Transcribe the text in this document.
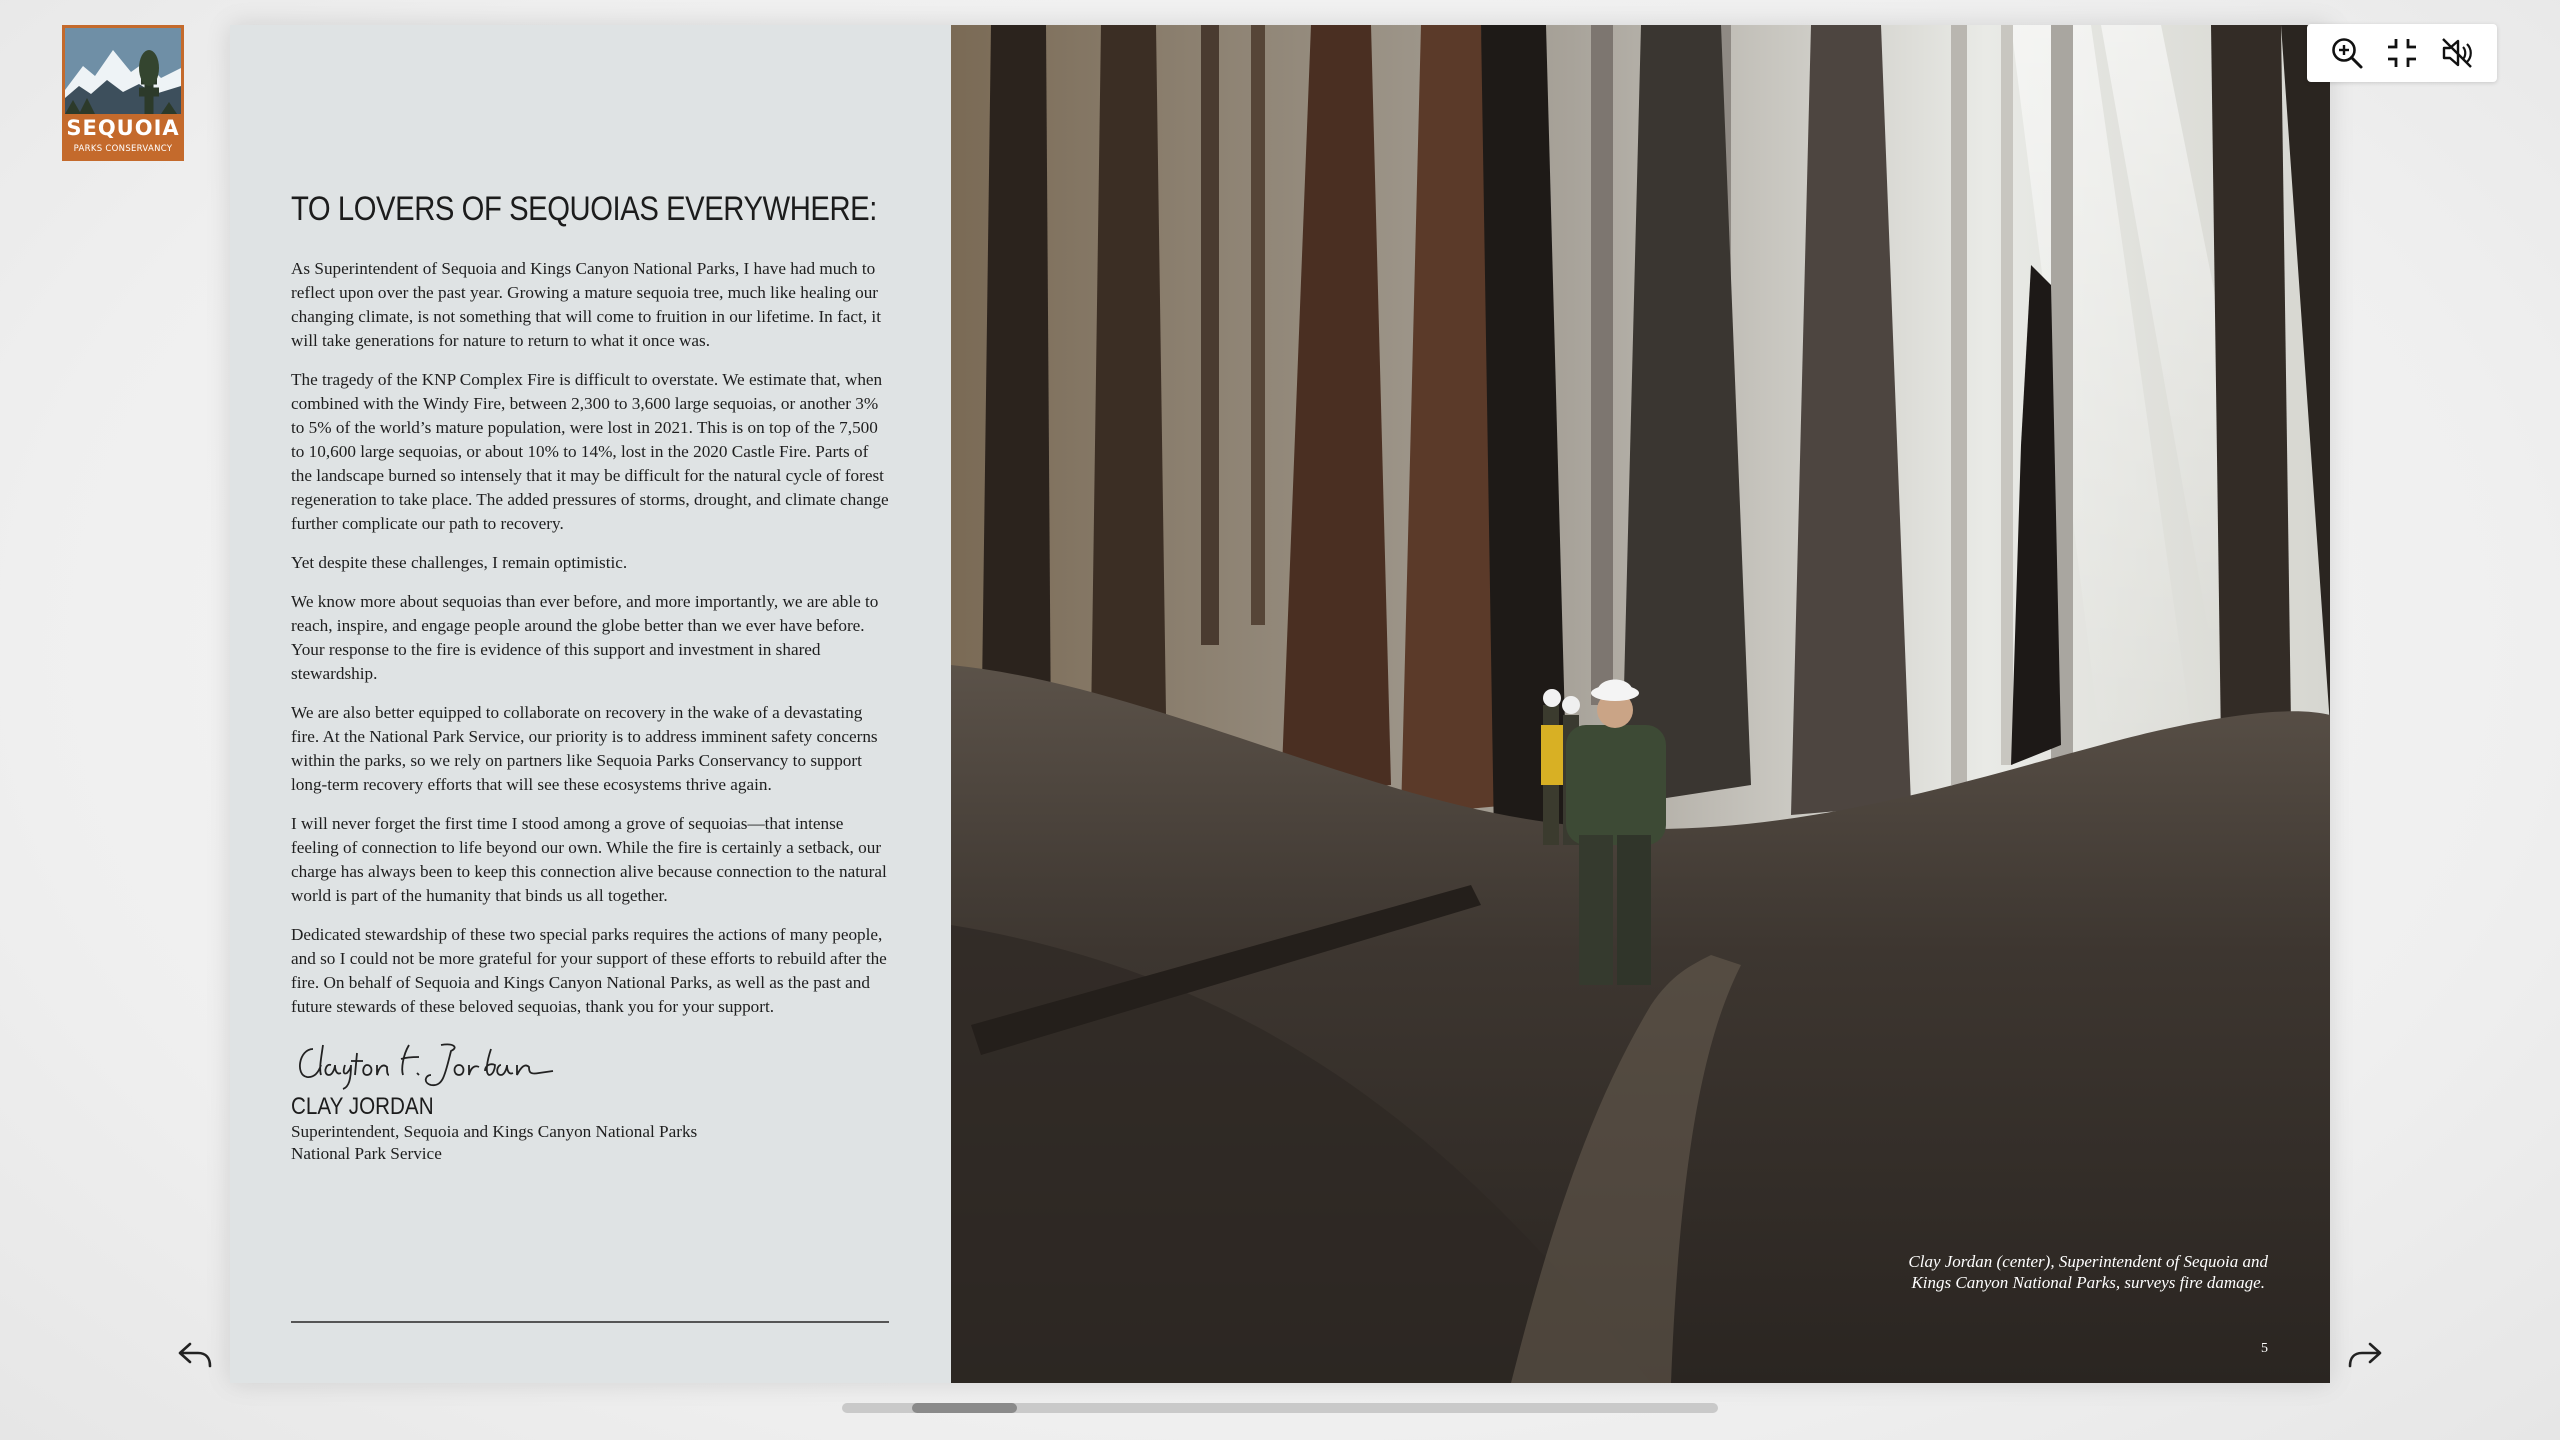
SEQUOIA
PARKS CONSERVANCY
TO LOVERS OF SEQUOIAS EVERYWHERE:

As Superintendent of Sequoia and Kings Canyon National Parks, I have had much to reflect upon over the past year. Growing a mature sequoia tree, much like healing our changing climate, is not something that will come to fruition in our lifetime. In fact, it will take generations for nature to return to what it once was.

The tragedy of the KNP Complex Fire is difficult to overstate. We estimate that, when combined with the Windy Fire, between 2,300 to 3,600 large sequoias, or another 3% to 5% of the world’s mature population, were lost in 2021. This is on top of the 7,500 to 10,600 large sequoias, or about 10% to 14%, lost in the 2020 Castle Fire. Parts of the landscape burned so intensely that it may be difficult for the natural cycle of forest regeneration to take place. The added pressures of storms, drought, and climate change further complicate our path to recovery.

Yet despite these challenges, I remain optimistic.

We know more about sequoias than ever before, and more importantly, we are able to reach, inspire, and engage people around the globe better than we ever have before. Your response to the fire is evidence of this support and investment in shared stewardship.

We are also better equipped to collaborate on recovery in the wake of a devastating fire. At the National Park Service, our priority is to address imminent safety concerns within the parks, so we rely on partners like Sequoia Parks Conservancy to support long-term recovery efforts that will see these ecosystems thrive again.

I will never forget the first time I stood among a grove of sequoias—that intense feeling of connection to life beyond our own. While the fire is certainly a setback, our charge has always been to keep this connection alive because connection to the natural world is part of the humanity that binds us all together.

Dedicated stewardship of these two special parks requires the actions of many people, and so I could not be more grateful for your support of these efforts to rebuild after the fire. On behalf of Sequoia and Kings Canyon National Parks, as well as the past and future stewards of these beloved sequoias, thank you for your support.

CLAY JORDAN
Superintendent, Sequoia and Kings Canyon National Parks
National Park Service
Clay Jordan (center), Superintendent of Sequoia and
Kings Canyon National Parks, surveys fire damage.
5
